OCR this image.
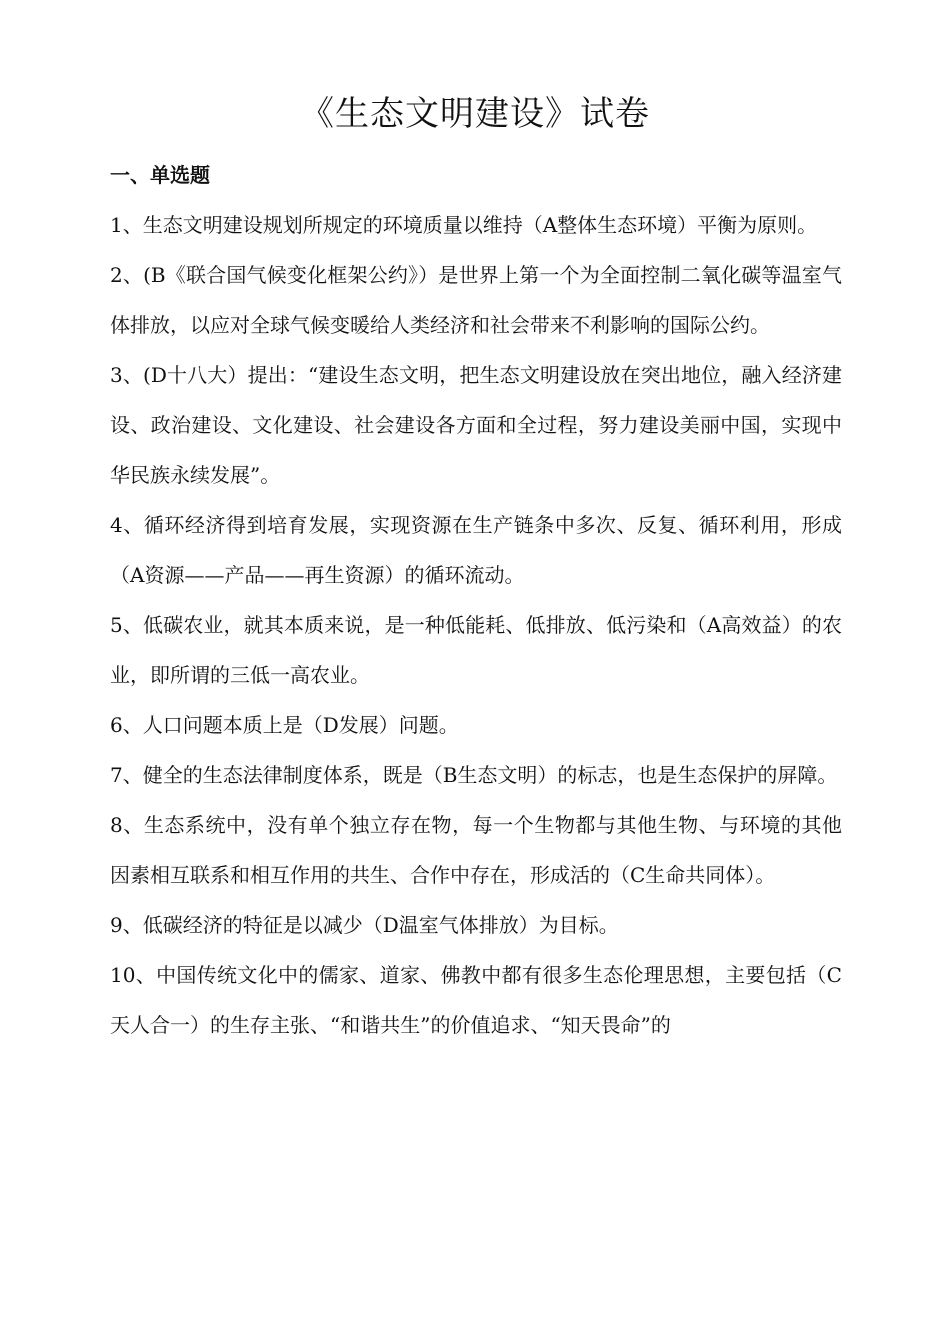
《生态文明建设》试卷
一、单选题
1、生态文明建设规划所规定的环境质量以维持（A整体生态环境）平衡为原则。
2、(B《联合国气候变化框架公约》）是世界上第一个为全面控制二氧化碳等温室气体排放，以应对全球气候变暖给人类经济和社会带来不利影响的国际公约。
3、(D十八大）提出：“建设生态文明，把生态文明建设放在突出地位，融入经济建设、政治建设、文化建设、社会建设各方面和全过程，努力建设美丽中国，实现中华民族永续发展”。
4、循环经济得到培育发展，实现资源在生产链条中多次、反复、循环利用，形成（A资源——产品——再生资源）的循环流动。
5、低碳农业，就其本质来说，是一种低能耗、低排放、低污染和（A高效益）的农业，即所谓的三低一高农业。
6、人口问题本质上是（D发展）问题。
7、健全的生态法律制度体系，既是（B生态文明）的标志，也是生态保护的屏障。
8、生态系统中，没有单个独立存在物，每一个生物都与其他生物、与环境的其他因素相互联系和相互作用的共生、合作中存在，形成活的（C生命共同体）。
9、低碳经济的特征是以减少（D温室气体排放）为目标。
10、中国传统文化中的儒家、道家、佛教中都有很多生态伦理思想，主要包括（C天人合一）的生存主张、“和谐共生”的价值追求、“知天畏命”的
